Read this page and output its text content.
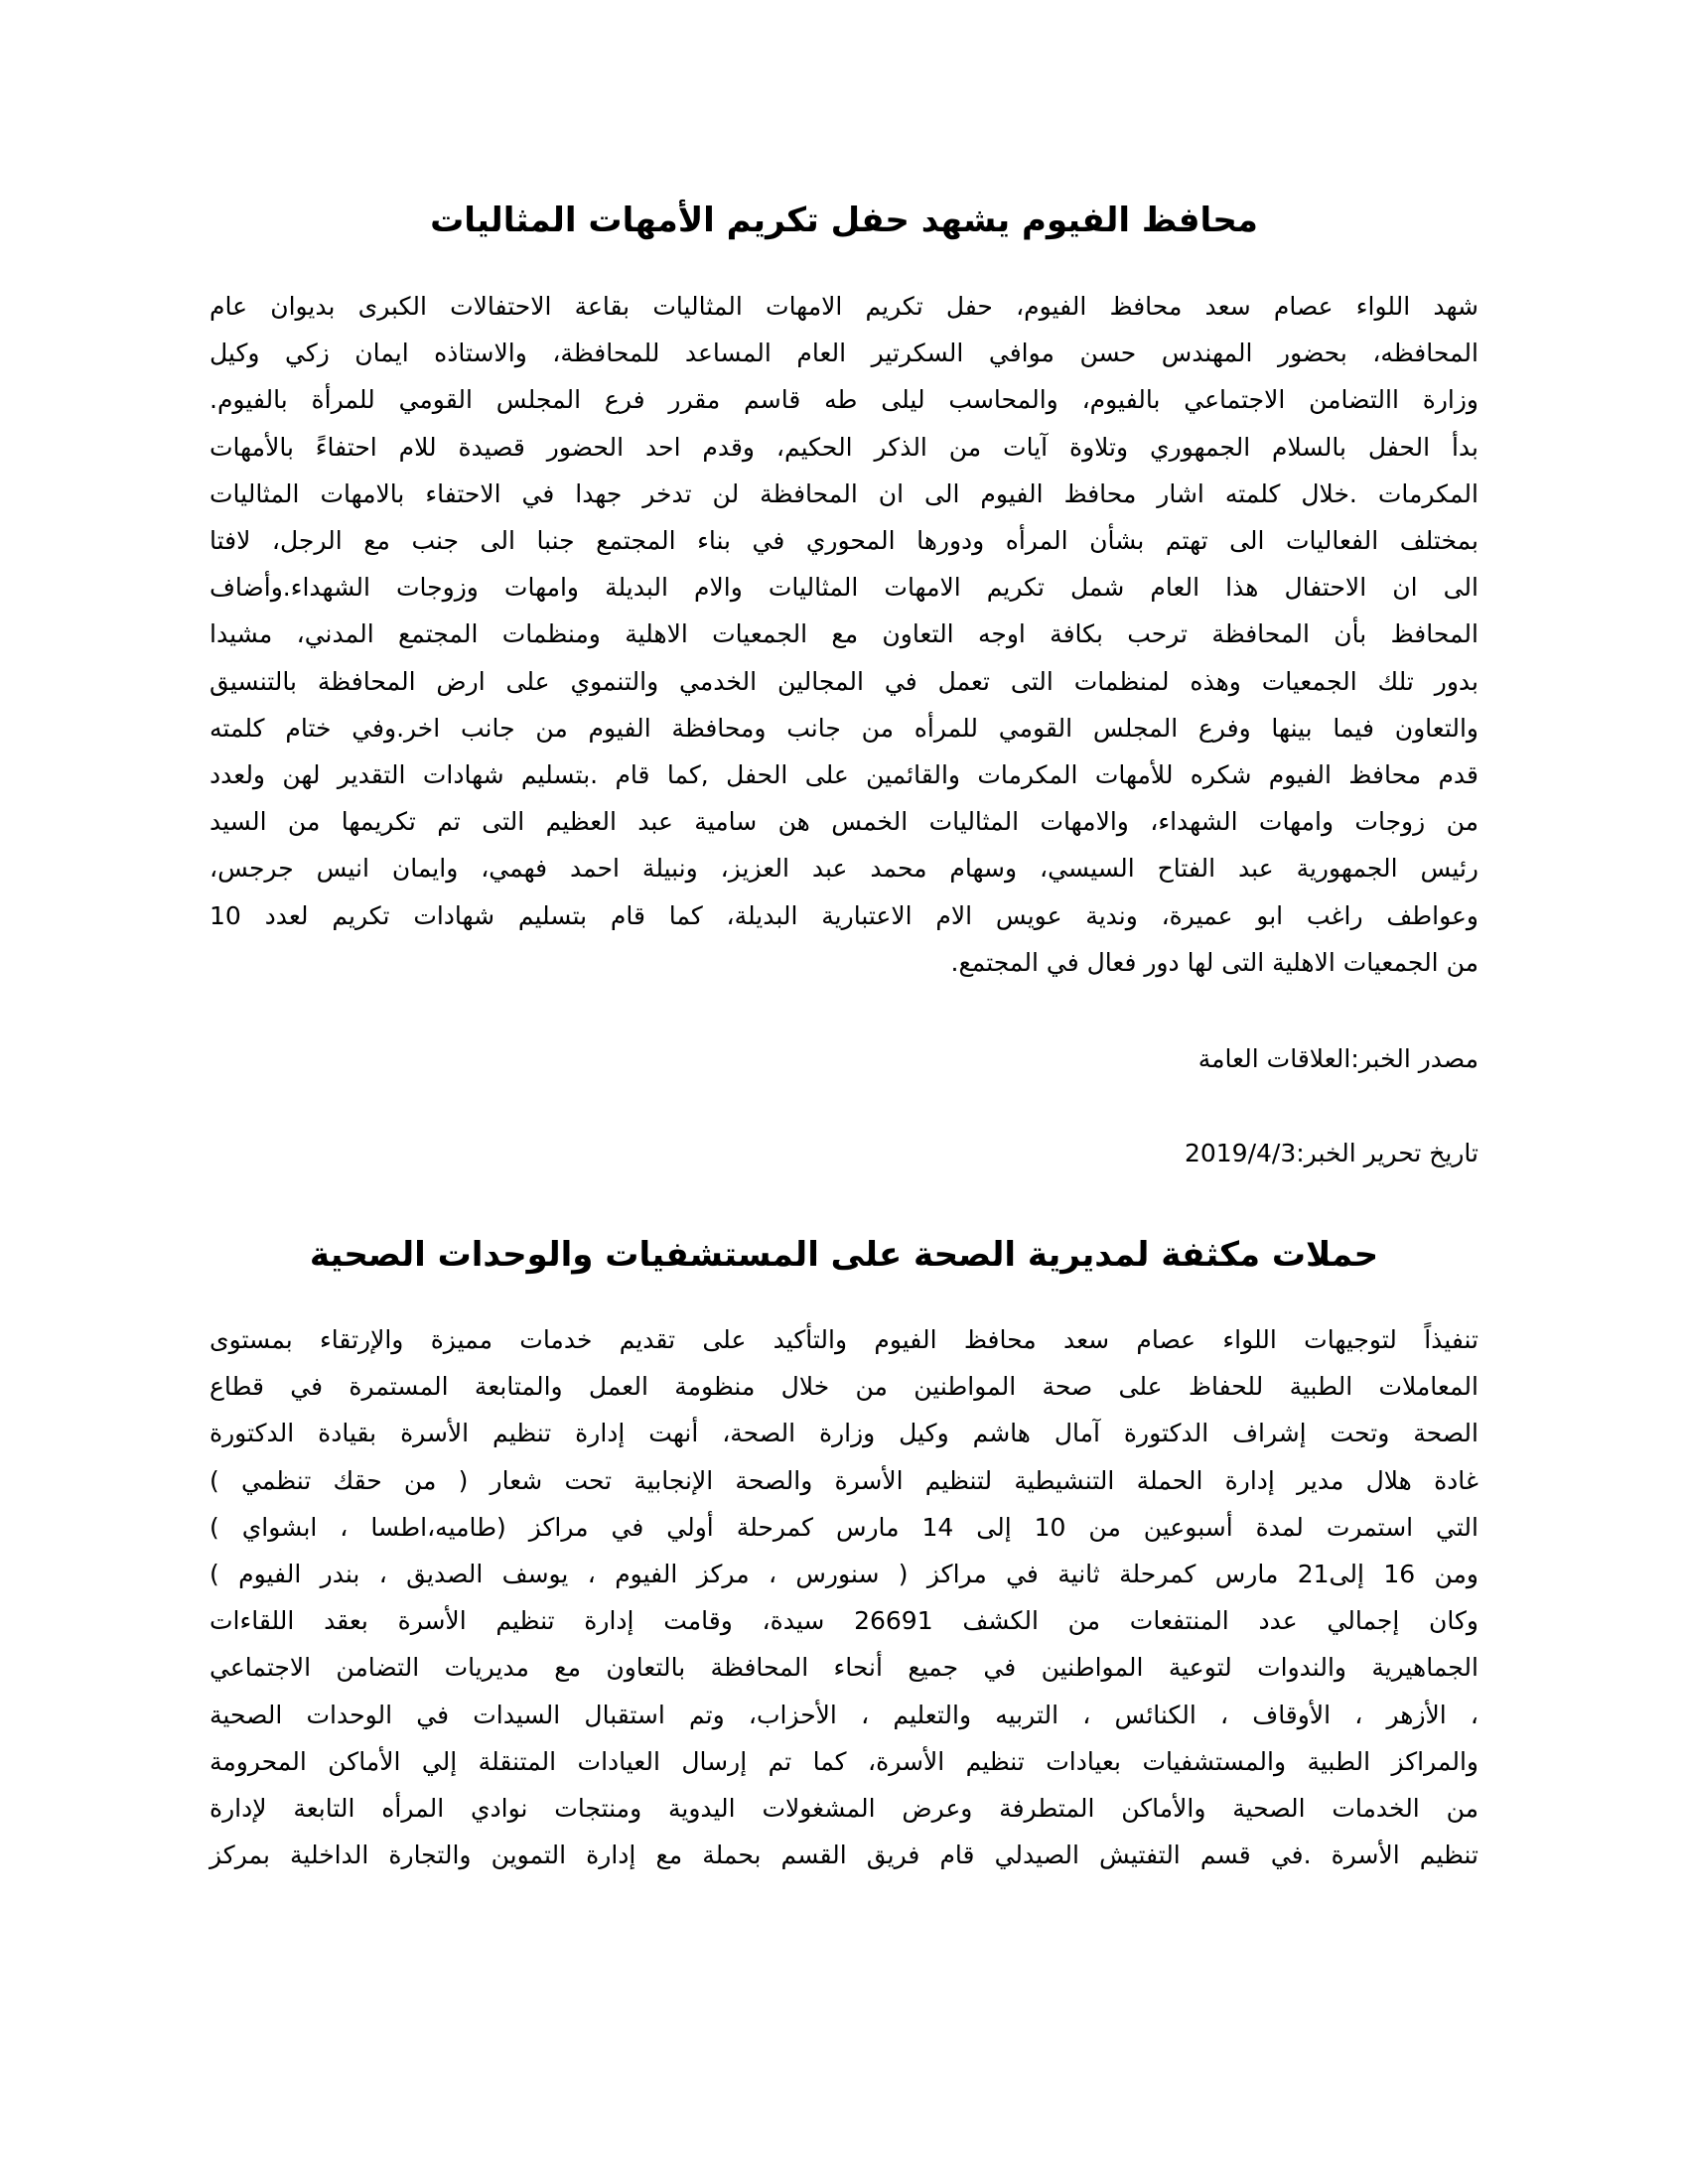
محافظ الفيوم يشهد حفل تكريم الأمهات المثاليات
شهد اللواء عصام سعد محافظ الفيوم، حفل تكريم الامهات المثاليات بقاعة الاحتفالات الكبرى بديوان عام
المحافظه، بحضور المهندس حسن موافي السكرتير العام المساعد للمحافظة، والاستاذه ايمان زكي وكيل
وزارة االتضامن الاجتماعي بالفيوم، والمحاسب ليلى طه قاسم مقرر فرع المجلس القومي للمرأة بالفيوم.
بدأ الحفل بالسلام الجمهوري وتلاوة آيات من الذكر الحكيم، وقدم احد الحضور قصيدة للام احتفاءً بالأمهات
المكرمات .خلال كلمته اشار محافظ الفيوم الى ان المحافظة لن تدخر جهدا في الاحتفاء بالامهات المثاليات
بمختلف الفعاليات الى تهتم بشأن المرأه ودورها المحوري في بناء المجتمع جنبا الى جنب مع الرجل، لافتا
الى ان الاحتفال هذا العام شمل تكريم الامهات المثاليات والام البديلة وامهات وزوجات الشهداء.وأضاف
المحافظ بأن المحافظة ترحب بكافة اوجه التعاون مع الجمعيات الاهلية ومنظمات المجتمع المدني، مشيدا
بدور تلك الجمعيات وهذه لمنظمات التى تعمل في المجالين الخدمي والتنموي على ارض المحافظة بالتنسيق
والتعاون فيما بينها وفرع المجلس القومي للمرأه من جانب ومحافظة الفيوم من جانب اخر.وفي ختام كلمته
قدم محافظ الفيوم شكره للأمهات المكرمات والقائمين على الحفل ,كما قام .بتسليم شهادات التقدير لهن ولعدد
من زوجات وامهات الشهداء، والامهات المثاليات الخمس هن سامية عبد العظيم التى تم تكريمها من السيد
رئيس الجمهورية عبد الفتاح السيسي، وسهام محمد عبد العزيز، ونبيلة احمد فهمي، وايمان انيس جرجس،
وعواطف راغب ابو عميرة، وندية عويس الام الاعتبارية البديلة، كما قام بتسليم شهادات تكريم لعدد 10
من الجمعيات الاهلية التى لها دور فعال في المجتمع.
مصدر الخبر:العلاقات العامة
تاريخ تحرير الخبر:2019/4/3
حملات مكثفة لمديرية الصحة على المستشفيات والوحدات الصحية
تنفيذاً لتوجيهات اللواء عصام سعد محافظ الفيوم والتأكيد على تقديم خدمات مميزة والإرتقاء بمستوى
المعاملات الطبية للحفاظ على صحة المواطنين من خلال منظومة العمل والمتابعة المستمرة في قطاع
الصحة وتحت إشراف الدكتورة آمال هاشم وكيل وزارة الصحة، أنهت إدارة تنظيم الأسرة بقيادة الدكتورة
غادة هلال مدير إدارة الحملة التنشيطية لتنظيم الأسرة والصحة الإنجابية تحت شعار ( من حقك تنظمي )
التي استمرت لمدة أسبوعين من 10 إلى 14 مارس كمرحلة أولي في مراكز (طاميه،اطسا ، ابشواي )
ومن 16 إلى21 مارس كمرحلة ثانية في مراكز ( سنورس ، مركز الفيوم ، يوسف الصديق ، بندر الفيوم )
وكان إجمالي عدد المنتفعات من الكشف 26691 سيدة، وقامت إدارة تنظيم الأسرة بعقد اللقاءات
الجماهيرية والندوات لتوعية المواطنين في جميع أنحاء المحافظة بالتعاون مع مديريات التضامن الاجتماعي
، الأزهر ، الأوقاف ، الكنائس ، التربيه والتعليم ، الأحزاب، وتم استقبال السيدات في الوحدات الصحية
والمراكز الطبية والمستشفيات بعيادات تنظيم الأسرة، كما تم إرسال العيادات المتنقلة إلي الأماكن المحرومة
من الخدمات الصحية والأماكن المتطرفة وعرض المشغولات اليدوية ومنتجات نوادي المرأه التابعة لإدارة
تنظيم الأسرة .في قسم التفتيش الصيدلي قام فريق القسم بحملة مع إدارة التموين والتجارة الداخلية بمركز
